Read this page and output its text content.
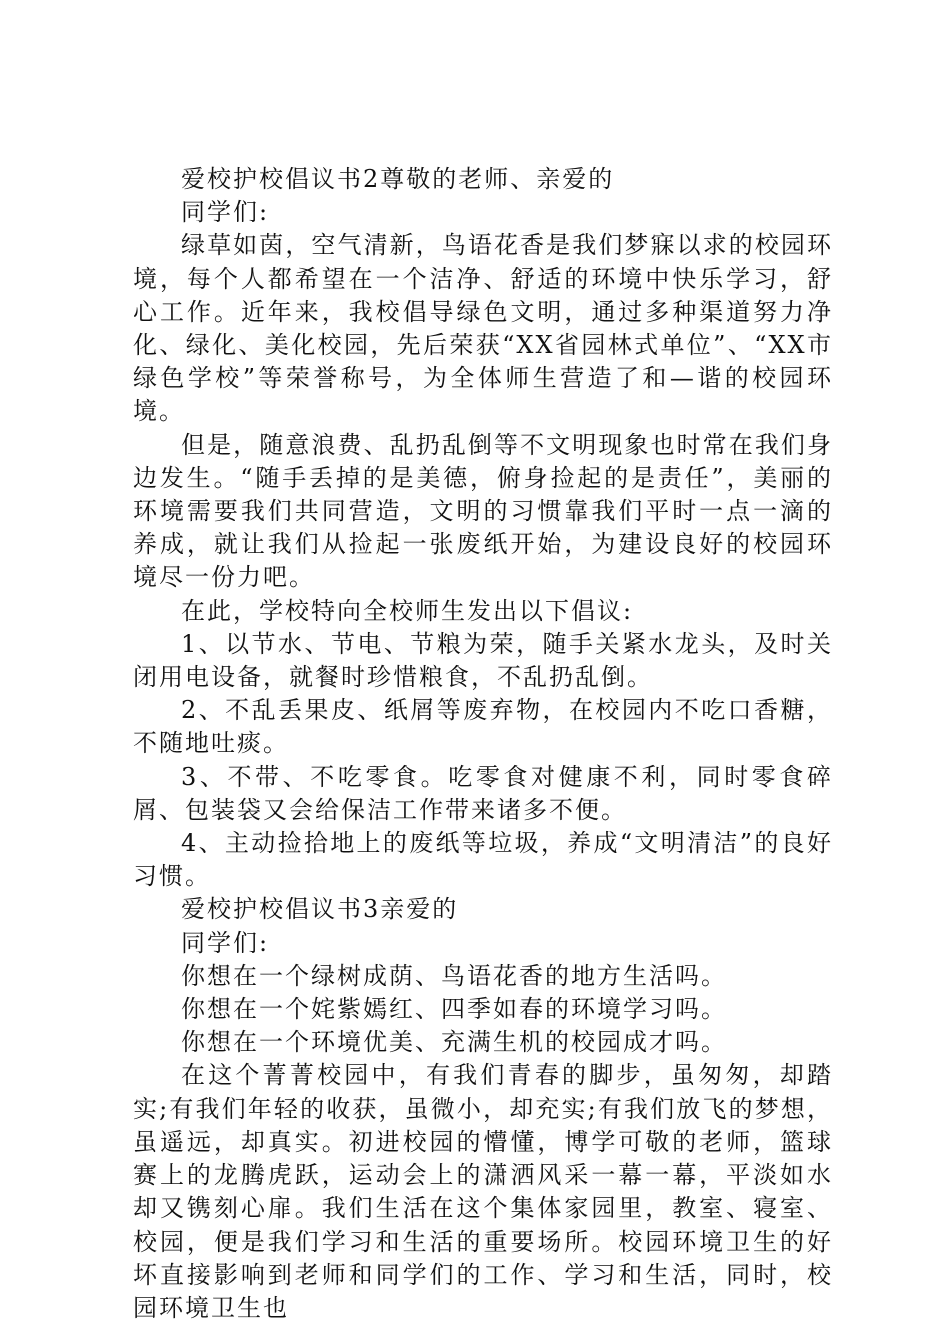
爱校护校倡议书2尊敬的老师、亲爱的

同学们:

绿草如茵，空气清新，鸟语花香是我们梦寐以求的校园环境，每个人都希望在一个洁净、舒适的环境中快乐学习，舒心工作。近年来，我校倡导绿色文明，通过多种渠道努力净化、绿化、美化校园，先后荣获“XX省园林式单位”、“XX市绿色学校”等荣誉称号，为全体师生营造了和—谐的校园环境。

但是，随意浪费、乱扔乱倒等不文明现象也时常在我们身边发生。“随手丢掉的是美德，俯身捡起的是责任”，美丽的环境需要我们共同营造，文明的习惯靠我们平时一点一滴的养成，就让我们从捡起一张废纸开始，为建设良好的校园环境尽一份力吧。

在此，学校特向全校师生发出以下倡议:

1、以节水、节电、节粮为荣，随手关紧水龙头，及时关闭用电设备，就餐时珍惜粮食，不乱扔乱倒。

2、不乱丢果皮、纸屑等废弃物，在校园内不吃口香糖，不随地吐痰。

3、不带、不吃零食。吃零食对健康不利，同时零食碎屑、包装袋又会给保洁工作带来诸多不便。

4、主动捡拾地上的废纸等垃圾，养成“文明清洁”的良好习惯。

爱校护校倡议书3亲爱的

同学们:

你想在一个绿树成荫、鸟语花香的地方生活吗。

你想在一个姹紫嫣红、四季如春的环境学习吗。

你想在一个环境优美、充满生机的校园成才吗。

在这个菁菁校园中，有我们青春的脚步，虽匆匆，却踏实;有我们年轻的收获，虽微小，却充实;有我们放飞的梦想，虽遥远，却真实。初进校园的懵懂，博学可敬的老师，篮球赛上的龙腾虎跃，运动会上的潇洒风采一幕一幕，平淡如水却又镌刻心扉。我们生活在这个集体家园里，教室、寝室、校园，便是我们学习和生活的重要场所。校园环境卫生的好坏直接影响到老师和同学们的工作、学习和生活，同时，校园环境卫生也
